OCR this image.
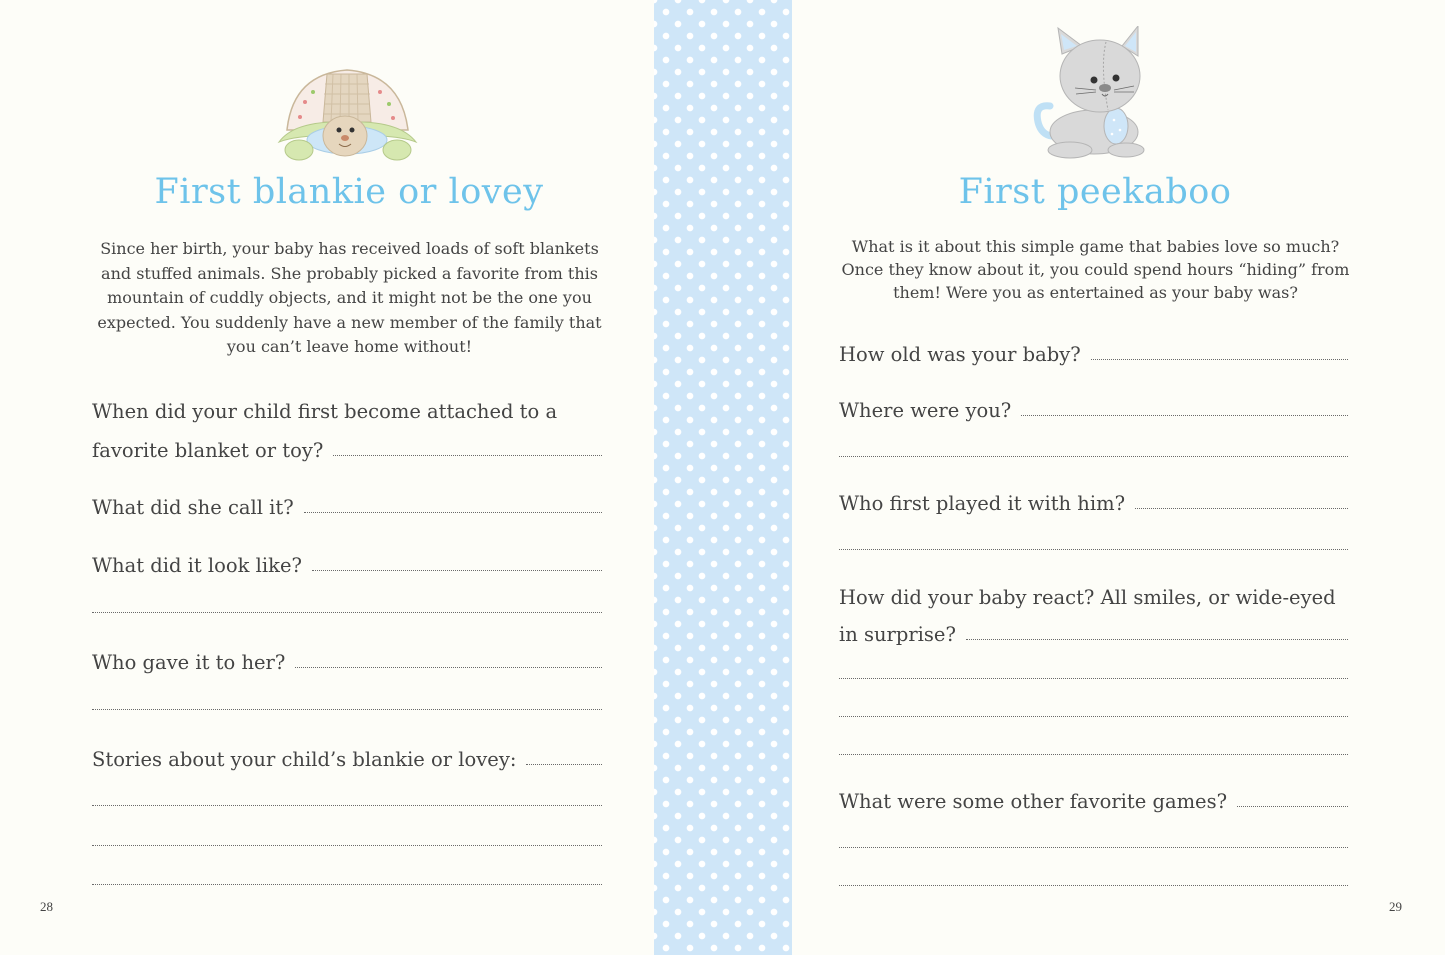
First blankie or lovey
Since her birth, your baby has received loads of soft blankets and stuffed animals. She probably picked a favorite from this mountain of cuddly objects, and it might not be the one you expected. You suddenly have a new member of the family that you can’t leave home without!
When did your child first become attached to a
favorite blanket or toy?
What did she call it?
What did it look like?
Who gave it to her?
Stories about your child’s blankie or lovey:
28
First peekaboo
What is it about this simple game that babies love so much? Once they know about it, you could spend hours “hiding” from them! Were you as entertained as your baby was?
How old was your baby?
Where were you?
Who first played it with him?
How did your baby react? All smiles, or wide-eyed
in surprise?
What were some other favorite games?
29
